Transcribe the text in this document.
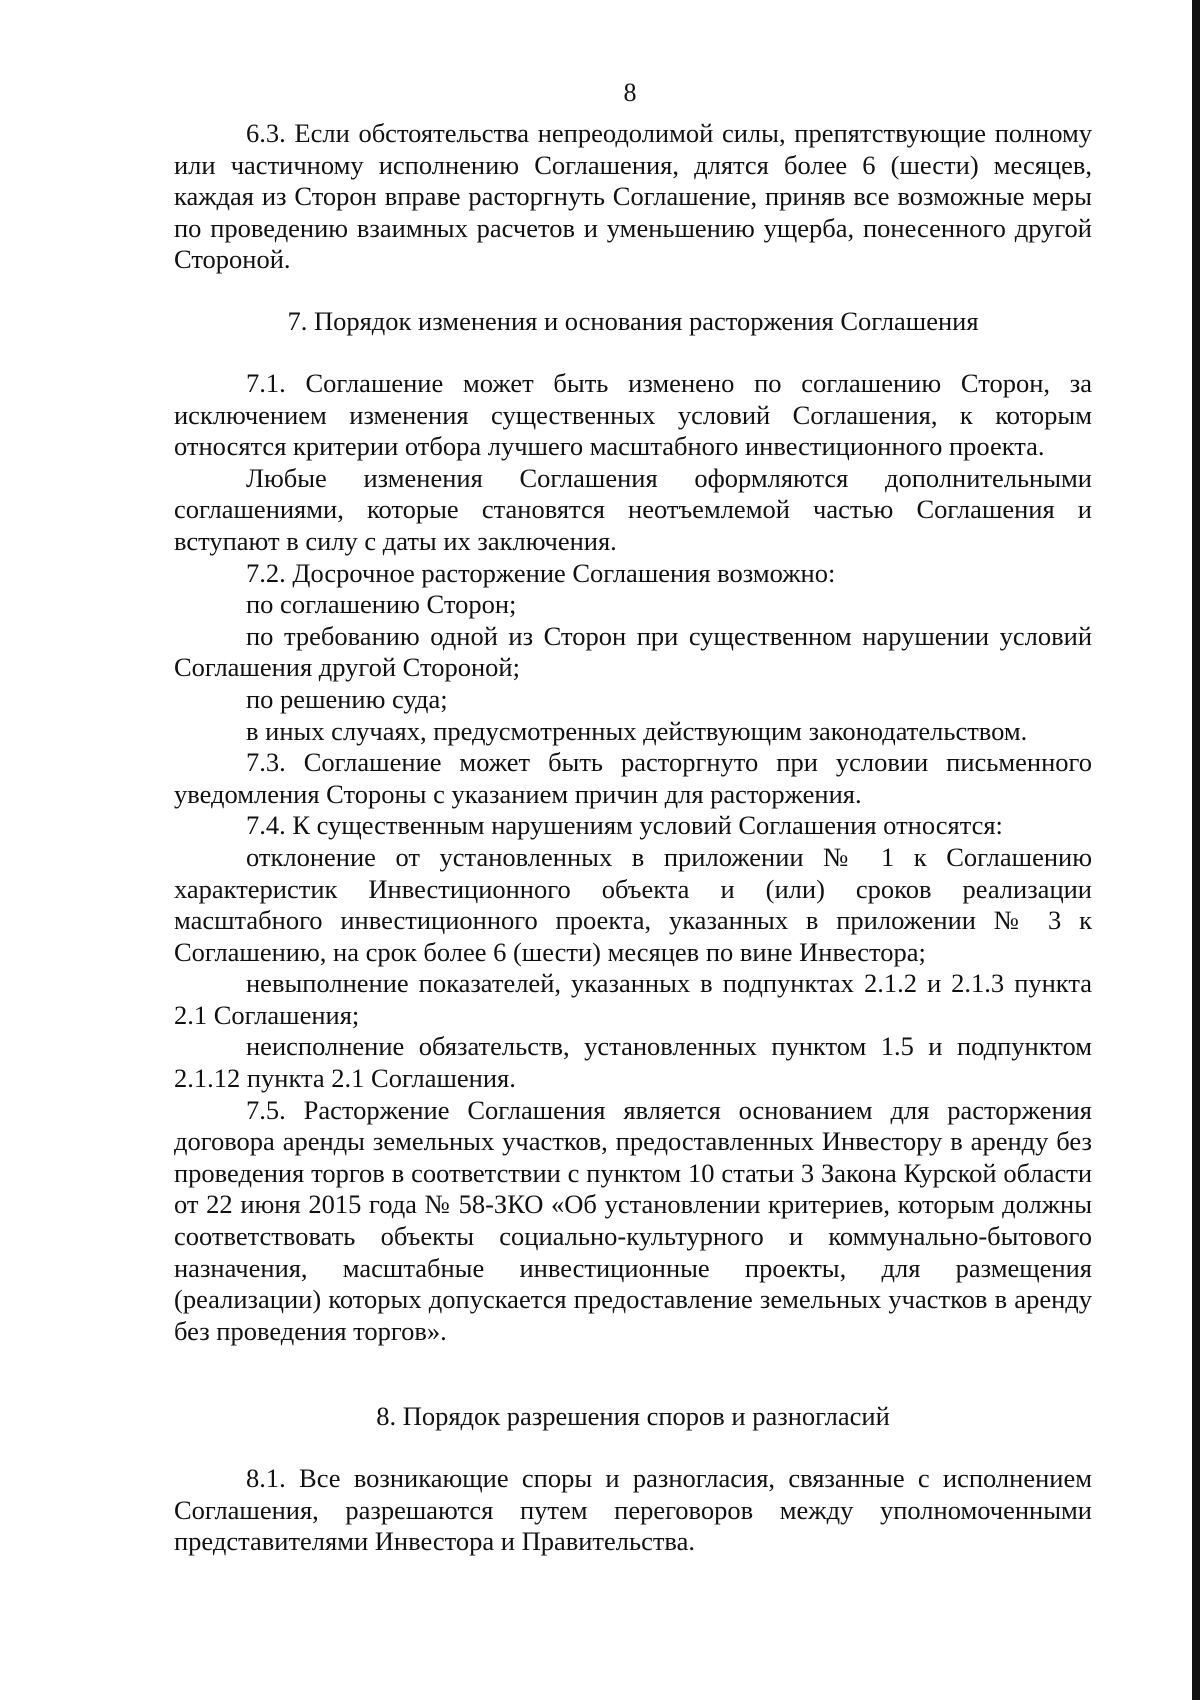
8

6.3. Если обстоятельства непреодолимой силы, препятствующие полному или частичному исполнению Соглашения, длятся более 6 (шести) месяцев, каждая из Сторон вправе расторгнуть Соглашение, приняв все возможные меры по проведению взаимных расчетов и уменьшению ущерба, понесенного другой Стороной.

7. Порядок изменения и основания расторжения Соглашения

7.1. Соглашение может быть изменено по соглашению Сторон, за исключением изменения существенных условий Соглашения, к которым относятся критерии отбора лучшего масштабного инвестиционного проекта.

Любые изменения Соглашения оформляются дополнительными соглашениями, которые становятся неотъемлемой частью Соглашения и вступают в силу с даты их заключения.

7.2. Досрочное расторжение Соглашения возможно:

по соглашению Сторон;

по требованию одной из Сторон при существенном нарушении условий Соглашения другой Стороной;

по решению суда;

в иных случаях, предусмотренных действующим законодательством.

7.3. Соглашение может быть расторгнуто при условии письменного уведомления Стороны с указанием причин для расторжения.

7.4. К существенным нарушениям условий Соглашения относятся:

отклонение от установленных в приложении № 1 к Соглашению характеристик Инвестиционного объекта и (или) сроков реализации масштабного инвестиционного проекта, указанных в приложении № 3 к Соглашению, на срок более 6 (шести) месяцев по вине Инвестора;

невыполнение показателей, указанных в подпунктах 2.1.2 и 2.1.3 пункта 2.1 Соглашения;

неисполнение обязательств, установленных пунктом 1.5 и подпунктом 2.1.12 пункта 2.1 Соглашения.

7.5. Расторжение Соглашения является основанием для расторжения договора аренды земельных участков, предоставленных Инвестору в аренду без проведения торгов в соответствии с пунктом 10 статьи 3 Закона Курской области от 22 июня 2015 года № 58-ЗКО «Об установлении критериев, которым должны соответствовать объекты социально-культурного и коммунально-бытового назначения, масштабные инвестиционные проекты, для размещения (реализации) которых допускается предоставление земельных участков в аренду без проведения торгов».

8. Порядок разрешения споров и разногласий

8.1. Все возникающие споры и разногласия, связанные с исполнением Соглашения, разрешаются путем переговоров между уполномоченными представителями Инвестора и Правительства.
